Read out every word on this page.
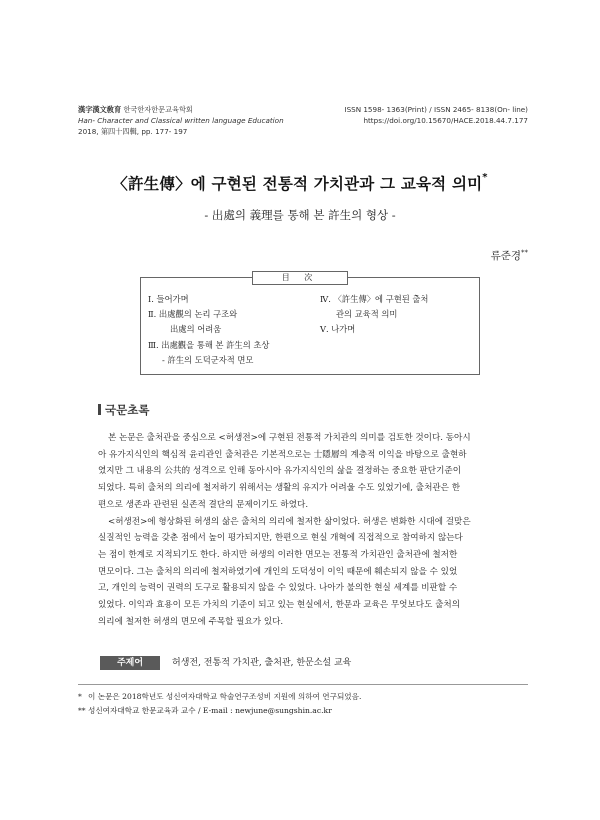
漢字漢文敎育 한국한자한문교육학회
Han- Character and Classical written language Education
2018, 第四十四輯, pp. 177- 197
ISSN 1598- 1363(Print) / ISSN 2465- 8138(On- line)
https://doi.org/10.15670/HACE.2018.44.7.177
〈許生傳〉에 구현된 전통적 가치관과 그 교육적 의미*
- 出處의 義理를 통해 본 許生의 형상 -
류준경**
目 次
Ⅰ. 들어가며
Ⅱ. 出處觀의 논리 구조와
出處의 어려움
Ⅲ. 出處觀을 통해 본 許生의 초상
- 許生의 도덕군자적 면모
Ⅳ. 〈許生傳〉에 구현된 출처
관의 교육적 의미
Ⅴ. 나가며
국문초록
본 논문은 출처관을 중심으로 <허생전>에 구현된 전통적 가치관의 의미를 검토한 것이다. 동아시
아 유가지식인의 핵심적 윤리관인 출처관은 기본적으로는 士隱層의 계층적 이익을 바탕으로 출현하
였지만 그 내용의 公共的 성격으로 인해 동아시아 유가지식인의 삶을 결정하는 중요한 판단기준이
되었다. 특히 출처의 의리에 철저하기 위해서는 생활의 유지가 어려울 수도 있었기에, 출처관은 한
편으로 생존과 관련된 실존적 결단의 문제이기도 하였다.
<허생전>에 형상화된 허생의 삶은 출처의 의리에 철저한 삶이었다. 허생은 변화한 시대에 걸맞은
실질적인 능력을 갖춘 점에서 높이 평가되지만, 한편으로 현실 개혁에 직접적으로 참여하지 않는다
는 점이 한계로 지적되기도 한다. 하지만 허생의 이러한 면모는 전통적 가치관인 출처관에 철저한
면모이다. 그는 출처의 의리에 철저하였기에 개인의 도덕성이 이익 때문에 훼손되지 않을 수 있었
고, 개인의 능력이 권력의 도구로 활용되지 않을 수 있었다. 나아가 불의한 현실 세계를 비판할 수
있었다. 이익과 효용이 모든 가치의 기준이 되고 있는 현실에서, 한문과 교육은 무엇보다도 출처의
의리에 철저한 허생의 면모에 주목할 필요가 있다.
주제어	허생전, 전통적 가치관, 출처관, 한문소설 교육
* 이 논문은 2018학년도 성신여자대학교 학술연구조성비 지원에 의하여 연구되었음.
** 성신여자대학교 한문교육과 교수 / E-mail : newjune@sungshin.ac.kr
